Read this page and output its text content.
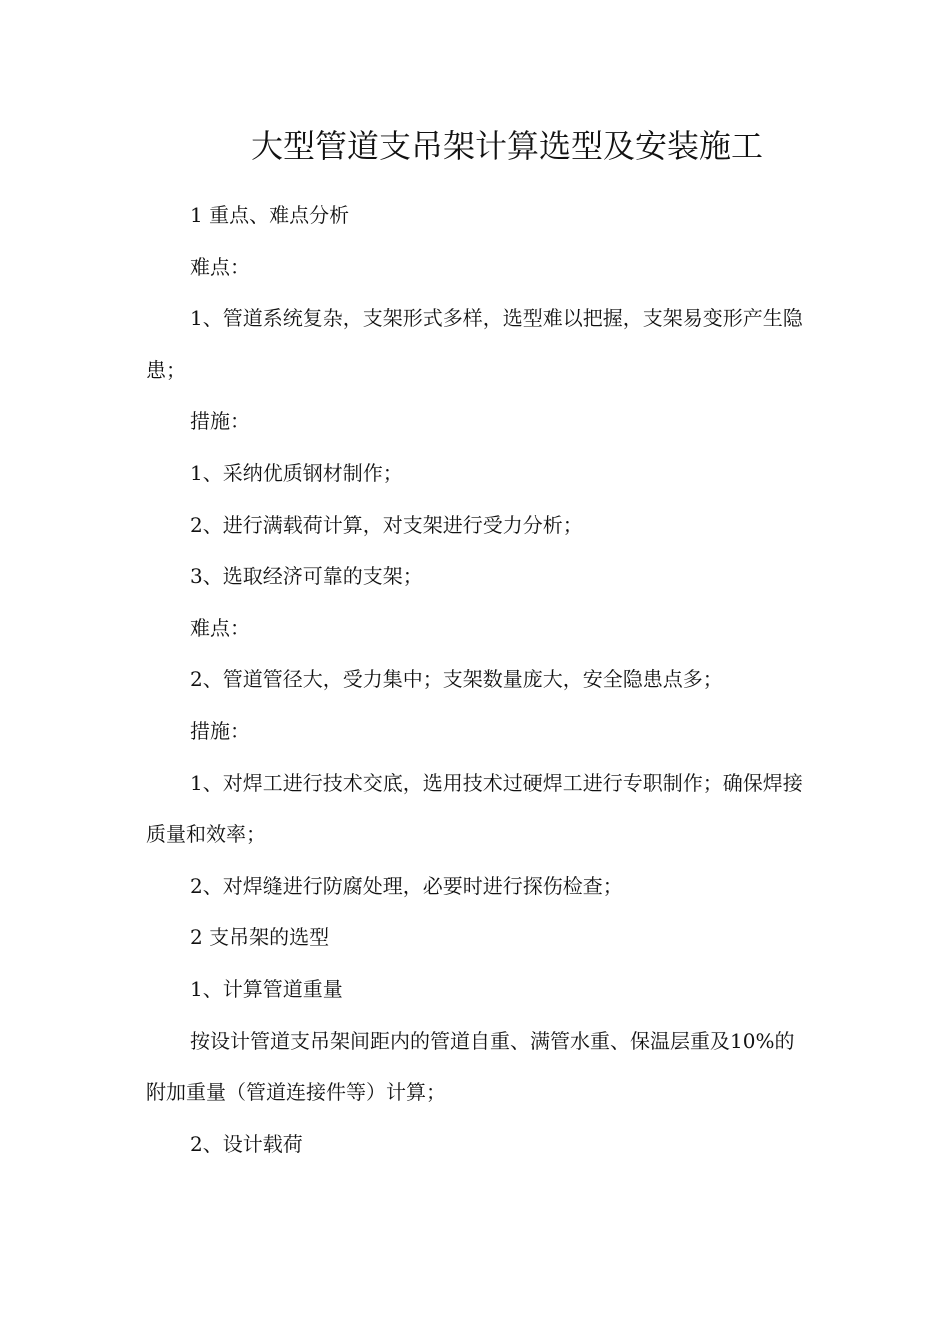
大型管道支吊架计算选型及安装施工

1 重点、难点分析

难点：

1、管道系统复杂，支架形式多样，选型难以把握，支架易变形产生隐患；

措施：

1、采纳优质钢材制作；

2、进行满载荷计算，对支架进行受力分析；

3、选取经济可靠的支架；

难点：

2、管道管径大，受力集中；支架数量庞大，安全隐患点多；

措施：

1、对焊工进行技术交底，选用技术过硬焊工进行专职制作；确保焊接质量和效率；

2、对焊缝进行防腐处理，必要时进行探伤检查；

2 支吊架的选型

1、计算管道重量

按设计管道支吊架间距内的管道自重、满管水重、保温层重及10%的附加重量（管道连接件等）计算；

2、设计载荷
